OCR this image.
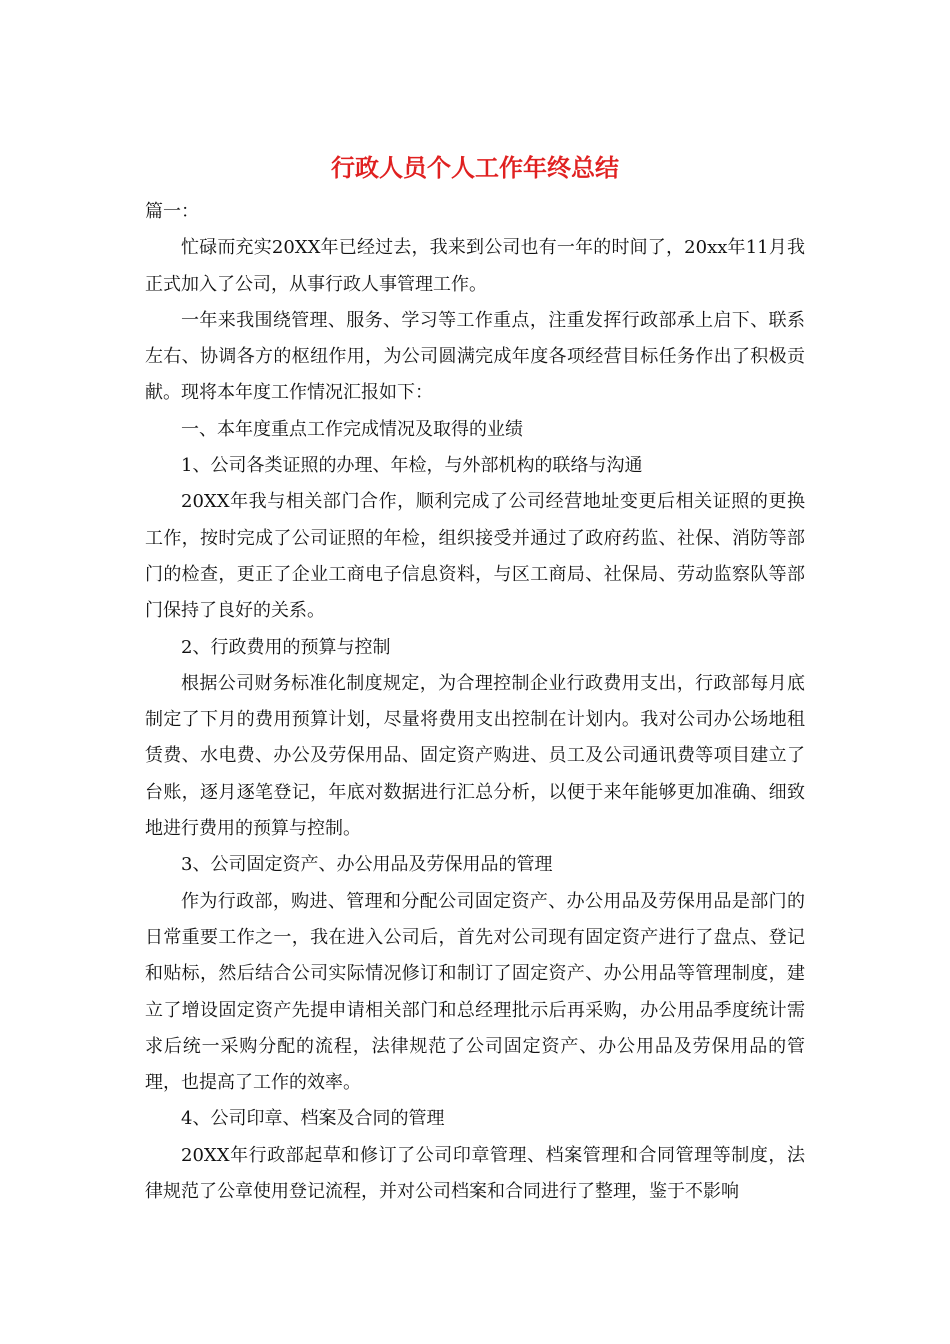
行政人员个人工作年终总结

篇一：

忙碌而充实20XX年已经过去，我来到公司也有一年的时间了，20xx年11月我正式加入了公司，从事行政人事管理工作。

一年来我围绕管理、服务、学习等工作重点，注重发挥行政部承上启下、联系左右、协调各方的枢纽作用，为公司圆满完成年度各项经营目标任务作出了积极贡献。现将本年度工作情况汇报如下：

一、本年度重点工作完成情况及取得的业绩

1、公司各类证照的办理、年检，与外部机构的联络与沟通

20XX年我与相关部门合作，顺利完成了公司经营地址变更后相关证照的更换工作，按时完成了公司证照的年检，组织接受并通过了政府药监、社保、消防等部门的检查，更正了企业工商电子信息资料，与区工商局、社保局、劳动监察队等部门保持了良好的关系。

2、行政费用的预算与控制

根据公司财务标准化制度规定，为合理控制企业行政费用支出，行政部每月底制定了下月的费用预算计划，尽量将费用支出控制在计划内。我对公司办公场地租赁费、水电费、办公及劳保用品、固定资产购进、员工及公司通讯费等项目建立了台账，逐月逐笔登记，年底对数据进行汇总分析，以便于来年能够更加准确、细致地进行费用的预算与控制。

3、公司固定资产、办公用品及劳保用品的管理

作为行政部，购进、管理和分配公司固定资产、办公用品及劳保用品是部门的日常重要工作之一，我在进入公司后，首先对公司现有固定资产进行了盘点、登记和贴标，然后结合公司实际情况修订和制订了固定资产、办公用品等管理制度，建立了增设固定资产先提申请相关部门和总经理批示后再采购，办公用品季度统计需求后统一采购分配的流程，法律规范了公司固定资产、办公用品及劳保用品的管理，也提高了工作的效率。

4、公司印章、档案及合同的管理

20XX年行政部起草和修订了公司印章管理、档案管理和合同管理等制度，法律规范了公章使用登记流程，并对公司档案和合同进行了整理，鉴于不影响
